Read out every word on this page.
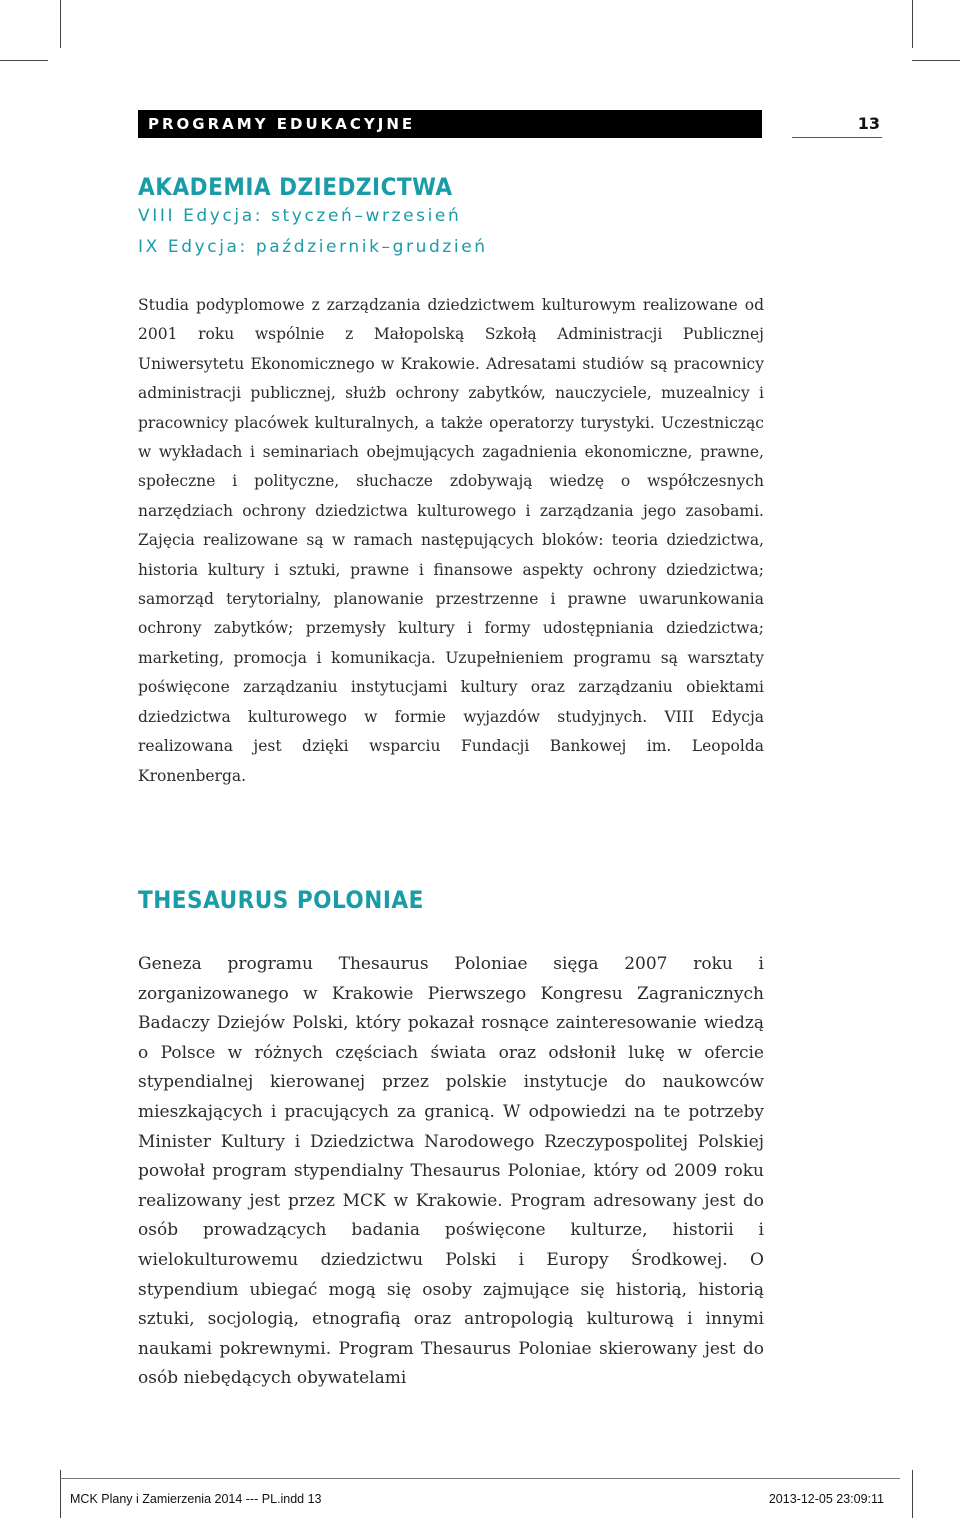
PROGRAMY EDUKACYJNE	13
AKADEMIA DZIEDZICTWA
VIII Edycja: styczeń–wrzesień
IX Edycja: październik–grudzień

Studia podyplomowe z zarządzania dziedzictwem kulturowym realizowane od 2001 roku wspólnie z Małopolską Szkołą Administracji Publicznej Uniwersytetu Ekonomicznego w Krakowie. Adresatami studiów są pracownicy administracji publicznej, służb ochrony zabytków, nauczyciele, muzealnicy i pracownicy placówek kulturalnych, a także operatorzy turystyki. Uczestnicząc w wykładach i seminariach obejmujących zagadnienia ekonomiczne, prawne, społeczne i polityczne, słuchacze zdobywają wiedzę o współczesnych narzędziach ochrony dziedzictwa kulturowego i zarządzania jego zasobami. Zajęcia realizowane są w ramach następujących bloków: teoria dziedzictwa, historia kultury i sztuki, prawne i finansowe aspekty ochrony dziedzictwa; samorząd terytorialny, planowanie przestrzenne i prawne uwarunkowania ochrony zabytków; przemysły kultury i formy udostępniania dziedzictwa; marketing, promocja i komunikacja. Uzupełnieniem programu są warsztaty poświęcone zarządzaniu instytucjami kultury oraz zarządzaniu obiektami dziedzictwa kulturowego w formie wyjazdów studyjnych. VIII Edycja realizowana jest dzięki wsparciu Fundacji Bankowej im. Leopolda Kronenberga.

THESAURUS POLONIAE

Geneza programu Thesaurus Poloniae sięga 2007 roku i zorganizowanego w Krakowie Pierwszego Kongresu Zagranicznych Badaczy Dziejów Polski, który pokazał rosnące zainteresowanie wiedzą o Polsce w różnych częściach świata oraz odsłonił lukę w ofercie stypendialnej kierowanej przez polskie instytucje do naukowców mieszkających i pracujących za granicą. W odpowiedzi na te potrzeby Minister Kultury i Dziedzictwa Narodowego Rzeczypospolitej Polskiej powołał program stypendialny Thesaurus Poloniae, który od 2009 roku realizowany jest przez MCK w Krakowie. Program adresowany jest do osób prowadzących badania poświęcone kulturze, historii i wielokulturowemu dziedzictwu Polski i Europy Środkowej. O stypendium ubiegać mogą się osoby zajmujące się historią, historią sztuki, socjologią, etnografią oraz antropologią kulturową i innymi naukami pokrewnymi. Program Thesaurus Poloniae skierowany jest do osób niebędących obywatelami

MCK Plany i Zamierzenia 2014 --- PL.indd 13	2013-12-05 23:09:11
